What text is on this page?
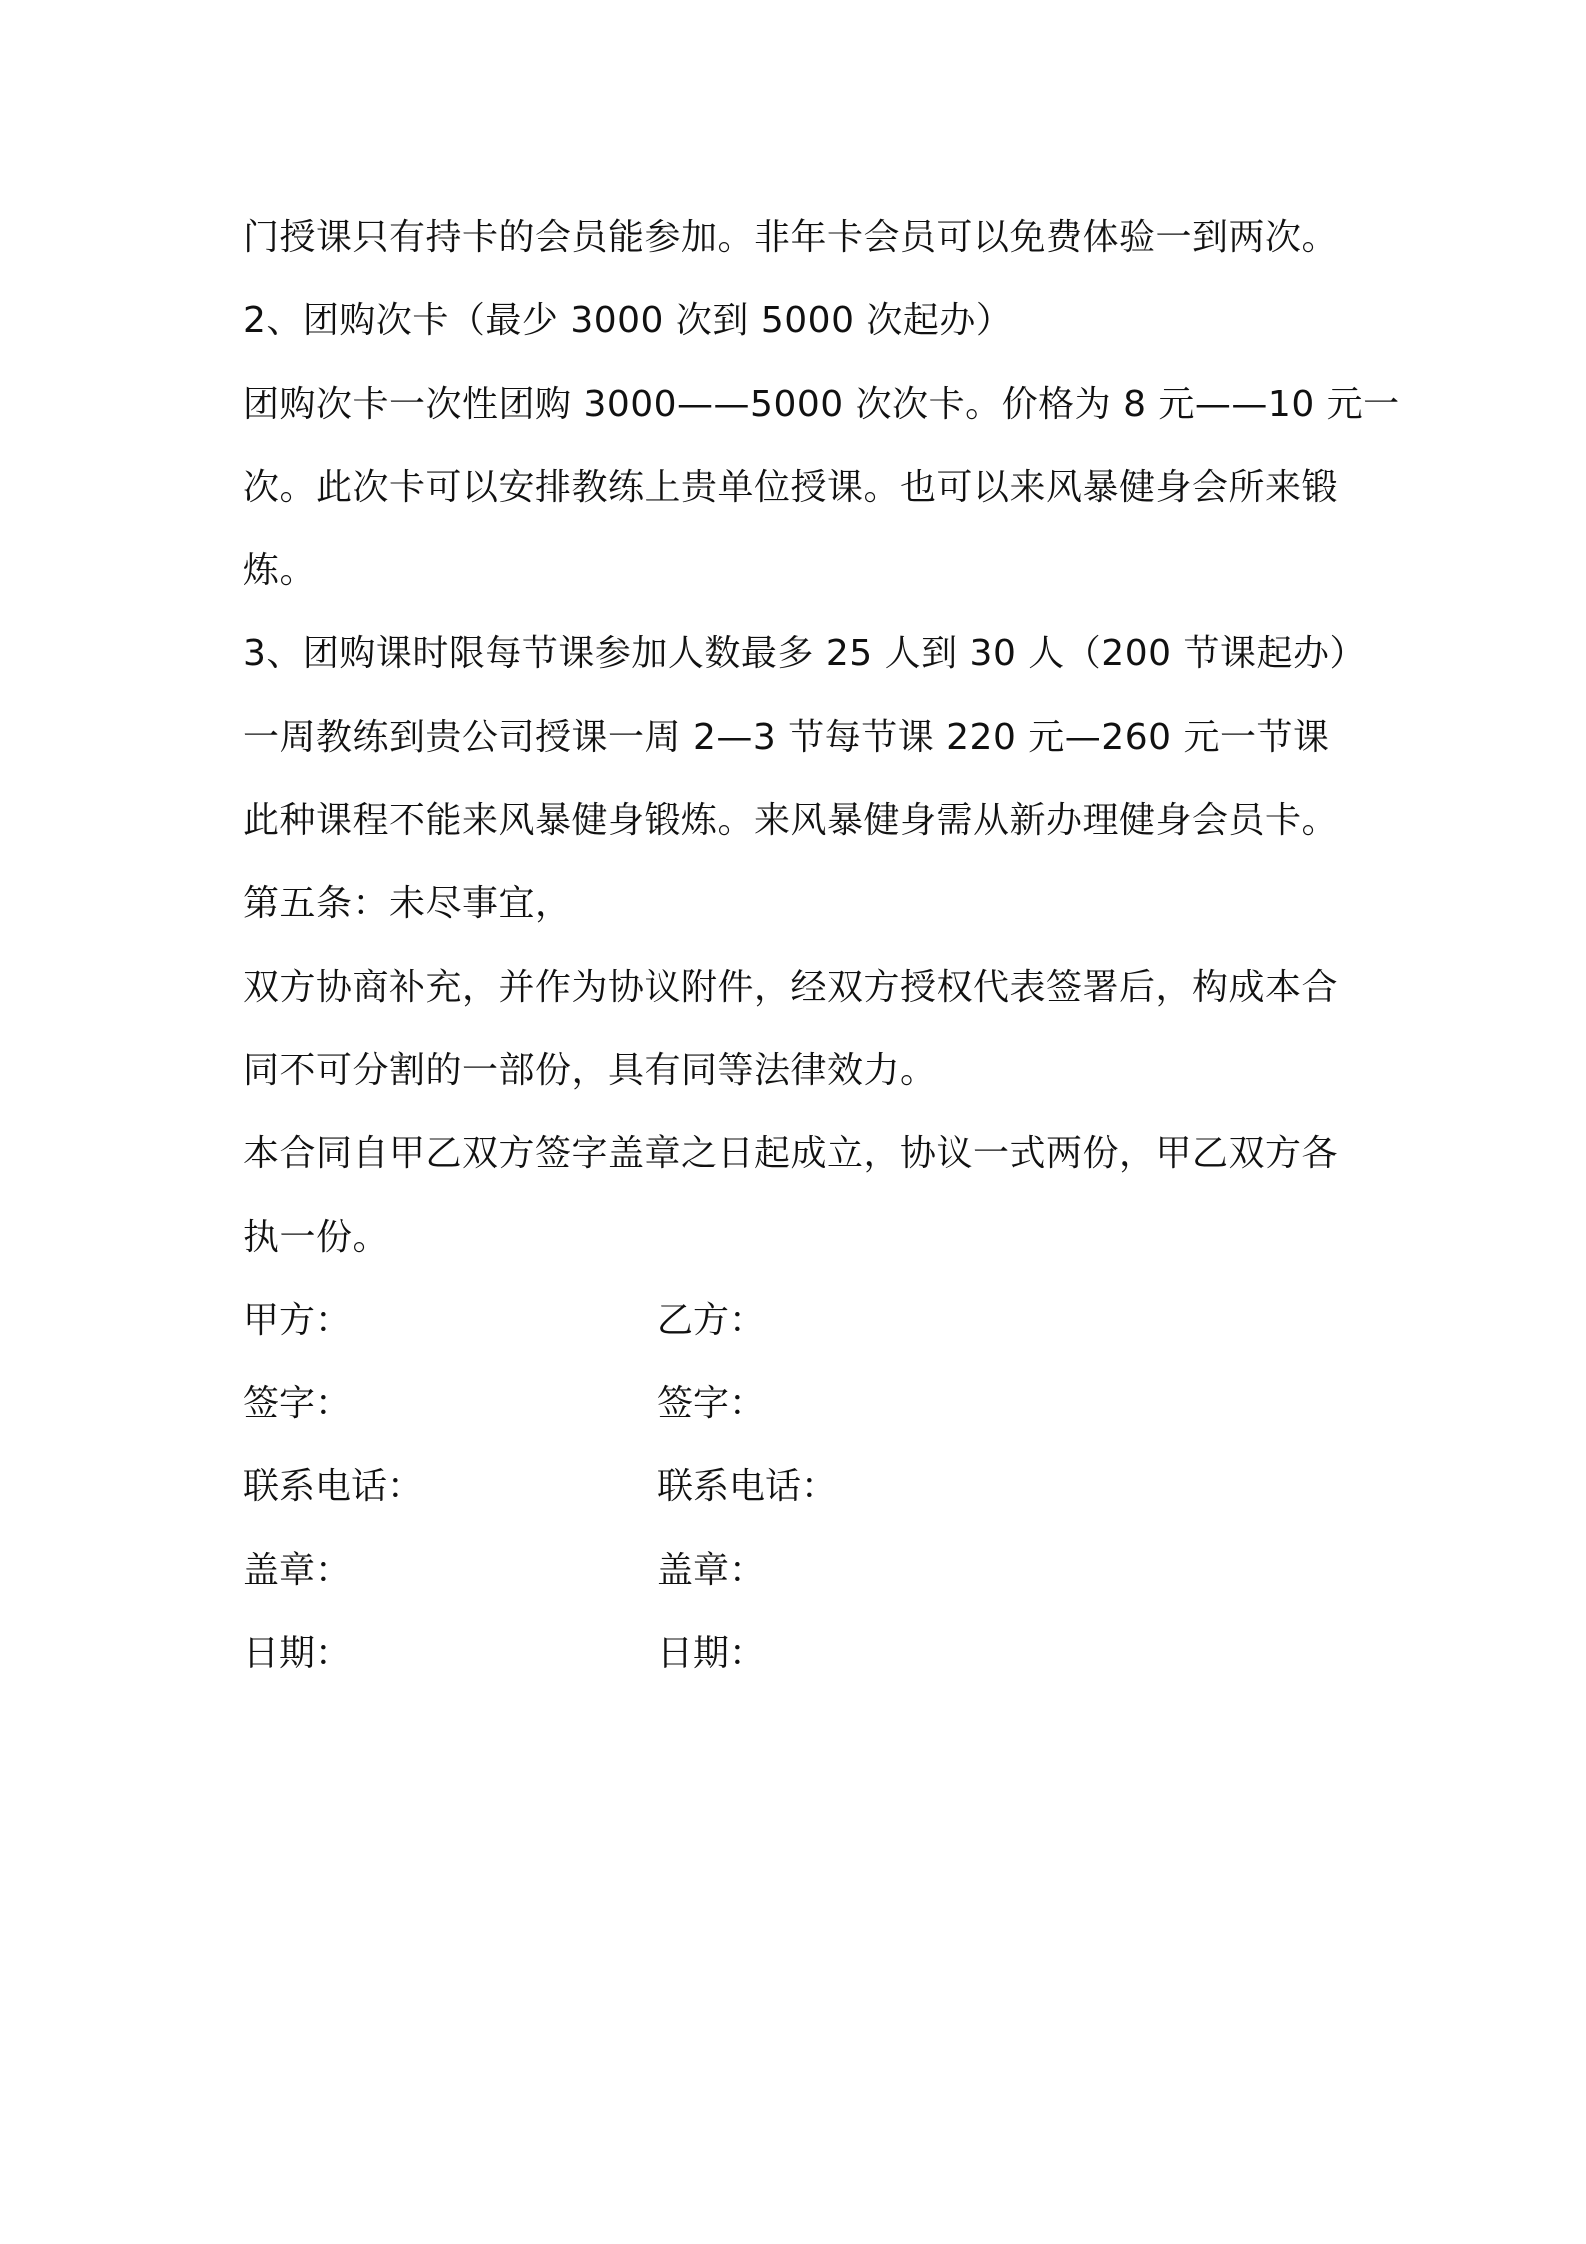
门授课只有持卡的会员能参加。非年卡会员可以免费体验一到两次。
2、团购次卡（最少 3000 次到 5000 次起办）
团购次卡一次性团购 3000——5000 次次卡。价格为 8 元——10 元一
次。此次卡可以安排教练上贵单位授课。也可以来风暴健身会所来锻
炼。
3、团购课时限每节课参加人数最多 25 人到 30 人（200 节课起办）
一周教练到贵公司授课一周 2—3 节每节课 220 元—260 元一节课
此种课程不能来风暴健身锻炼。来风暴健身需从新办理健身会员卡。
第五条：未尽事宜，
双方协商补充，并作为协议附件，经双方授权代表签署后，构成本合
同不可分割的一部份，具有同等法律效力。
本合同自甲乙双方签字盖章之日起成立，协议一式两份，甲乙双方各
执一份。
甲方：	乙方：
签字：	签字：
联系电话：	联系电话：
盖章：	盖章：
日期：	日期：
